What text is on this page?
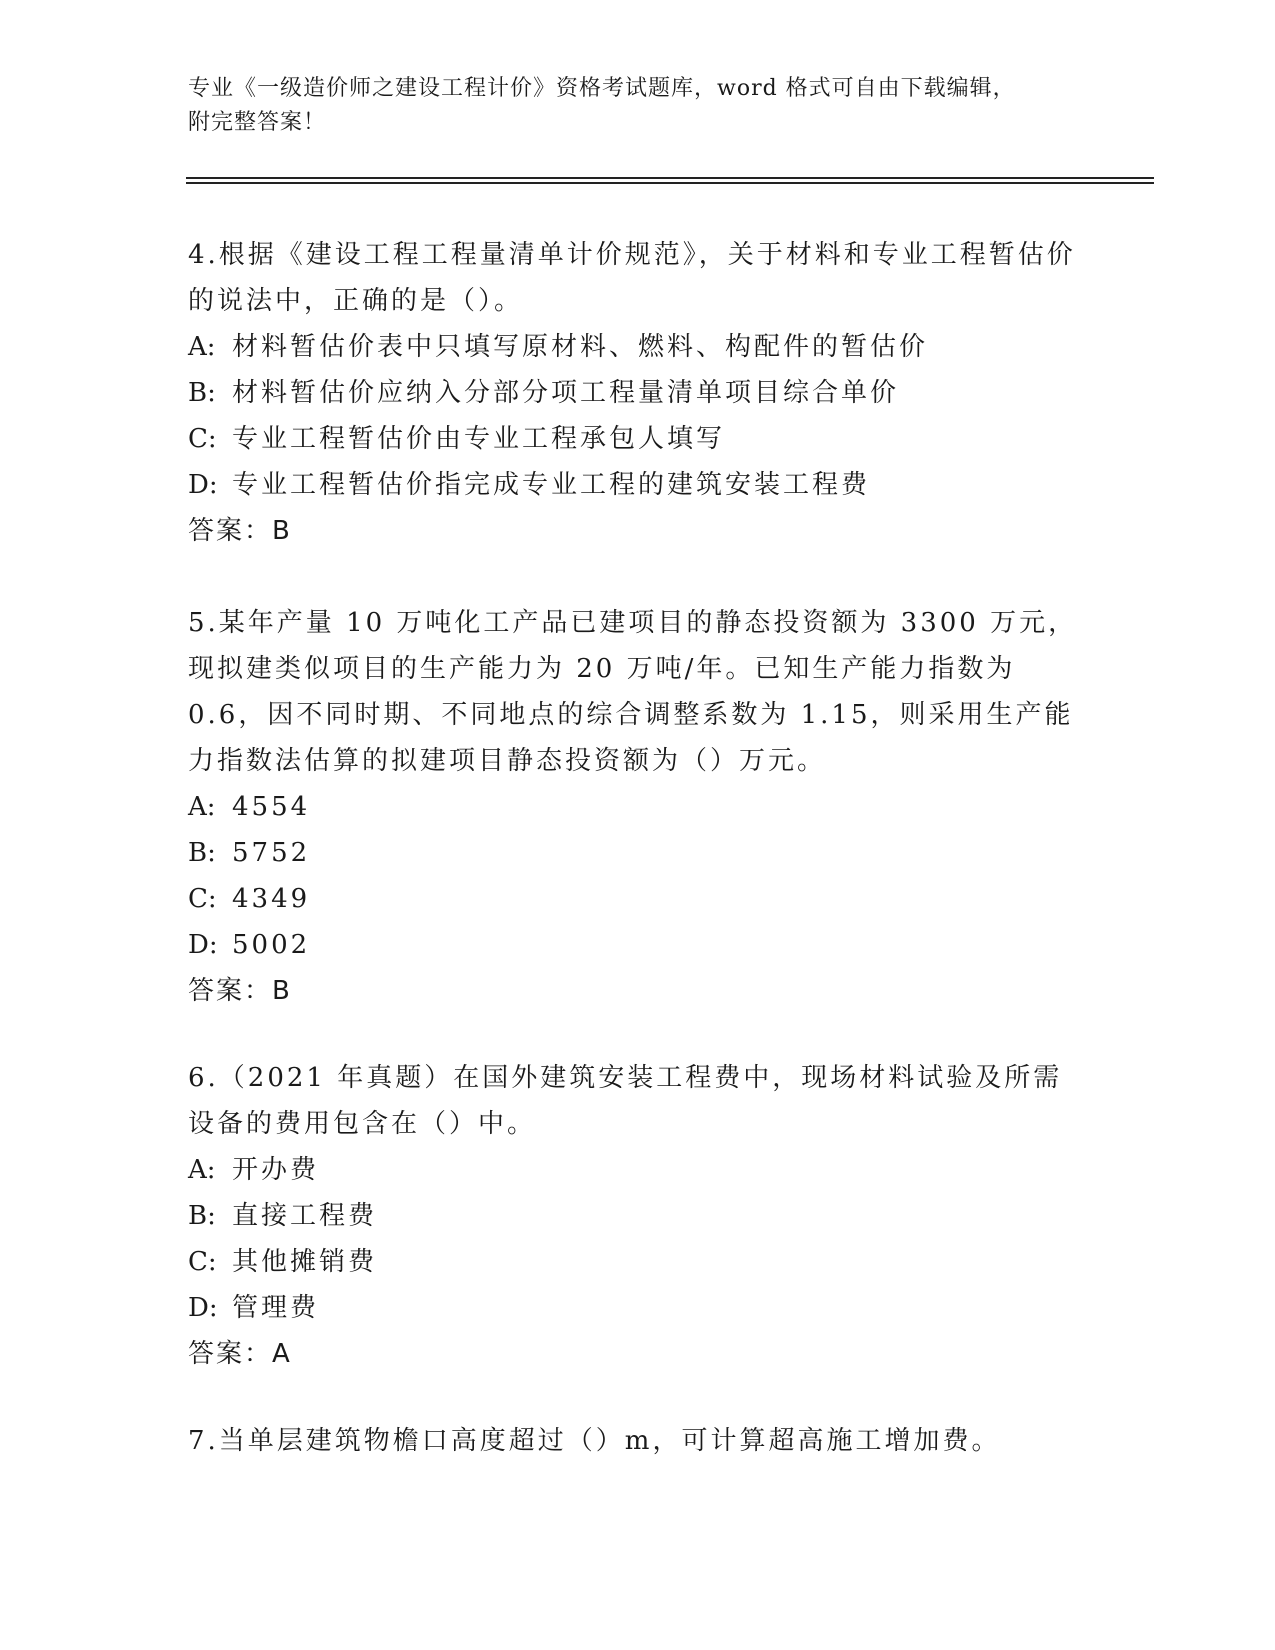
专业《一级造价师之建设工程计价》资格考试题库，word 格式可自由下载编辑，
附完整答案！

4.根据《建设工程工程量清单计价规范》，关于材料和专业工程暂估价的说法中，正确的是（）。

A: 材料暂估价表中只填写原材料、燃料、构配件的暂估价

B: 材料暂估价应纳入分部分项工程量清单项目综合单价

C: 专业工程暂估价由专业工程承包人填写

D: 专业工程暂估价指完成专业工程的建筑安装工程费

答案：B

5.某年产量 10 万吨化工产品已建项目的静态投资额为 3300 万元，现拟建类似项目的生产能力为 20 万吨/年。已知生产能力指数为 0.6，因不同时期、不同地点的综合调整系数为 1.15，则采用生产能力指数法估算的拟建项目静态投资额为（）万元。

A: 4554

B: 5752

C: 4349

D: 5002

答案：B

6.（2021 年真题）在国外建筑安装工程费中，现场材料试验及所需设备的费用包含在（）中。

A: 开办费

B: 直接工程费

C: 其他摊销费

D: 管理费

答案：A

7.当单层建筑物檐口高度超过（）m，可计算超高施工增加费。
